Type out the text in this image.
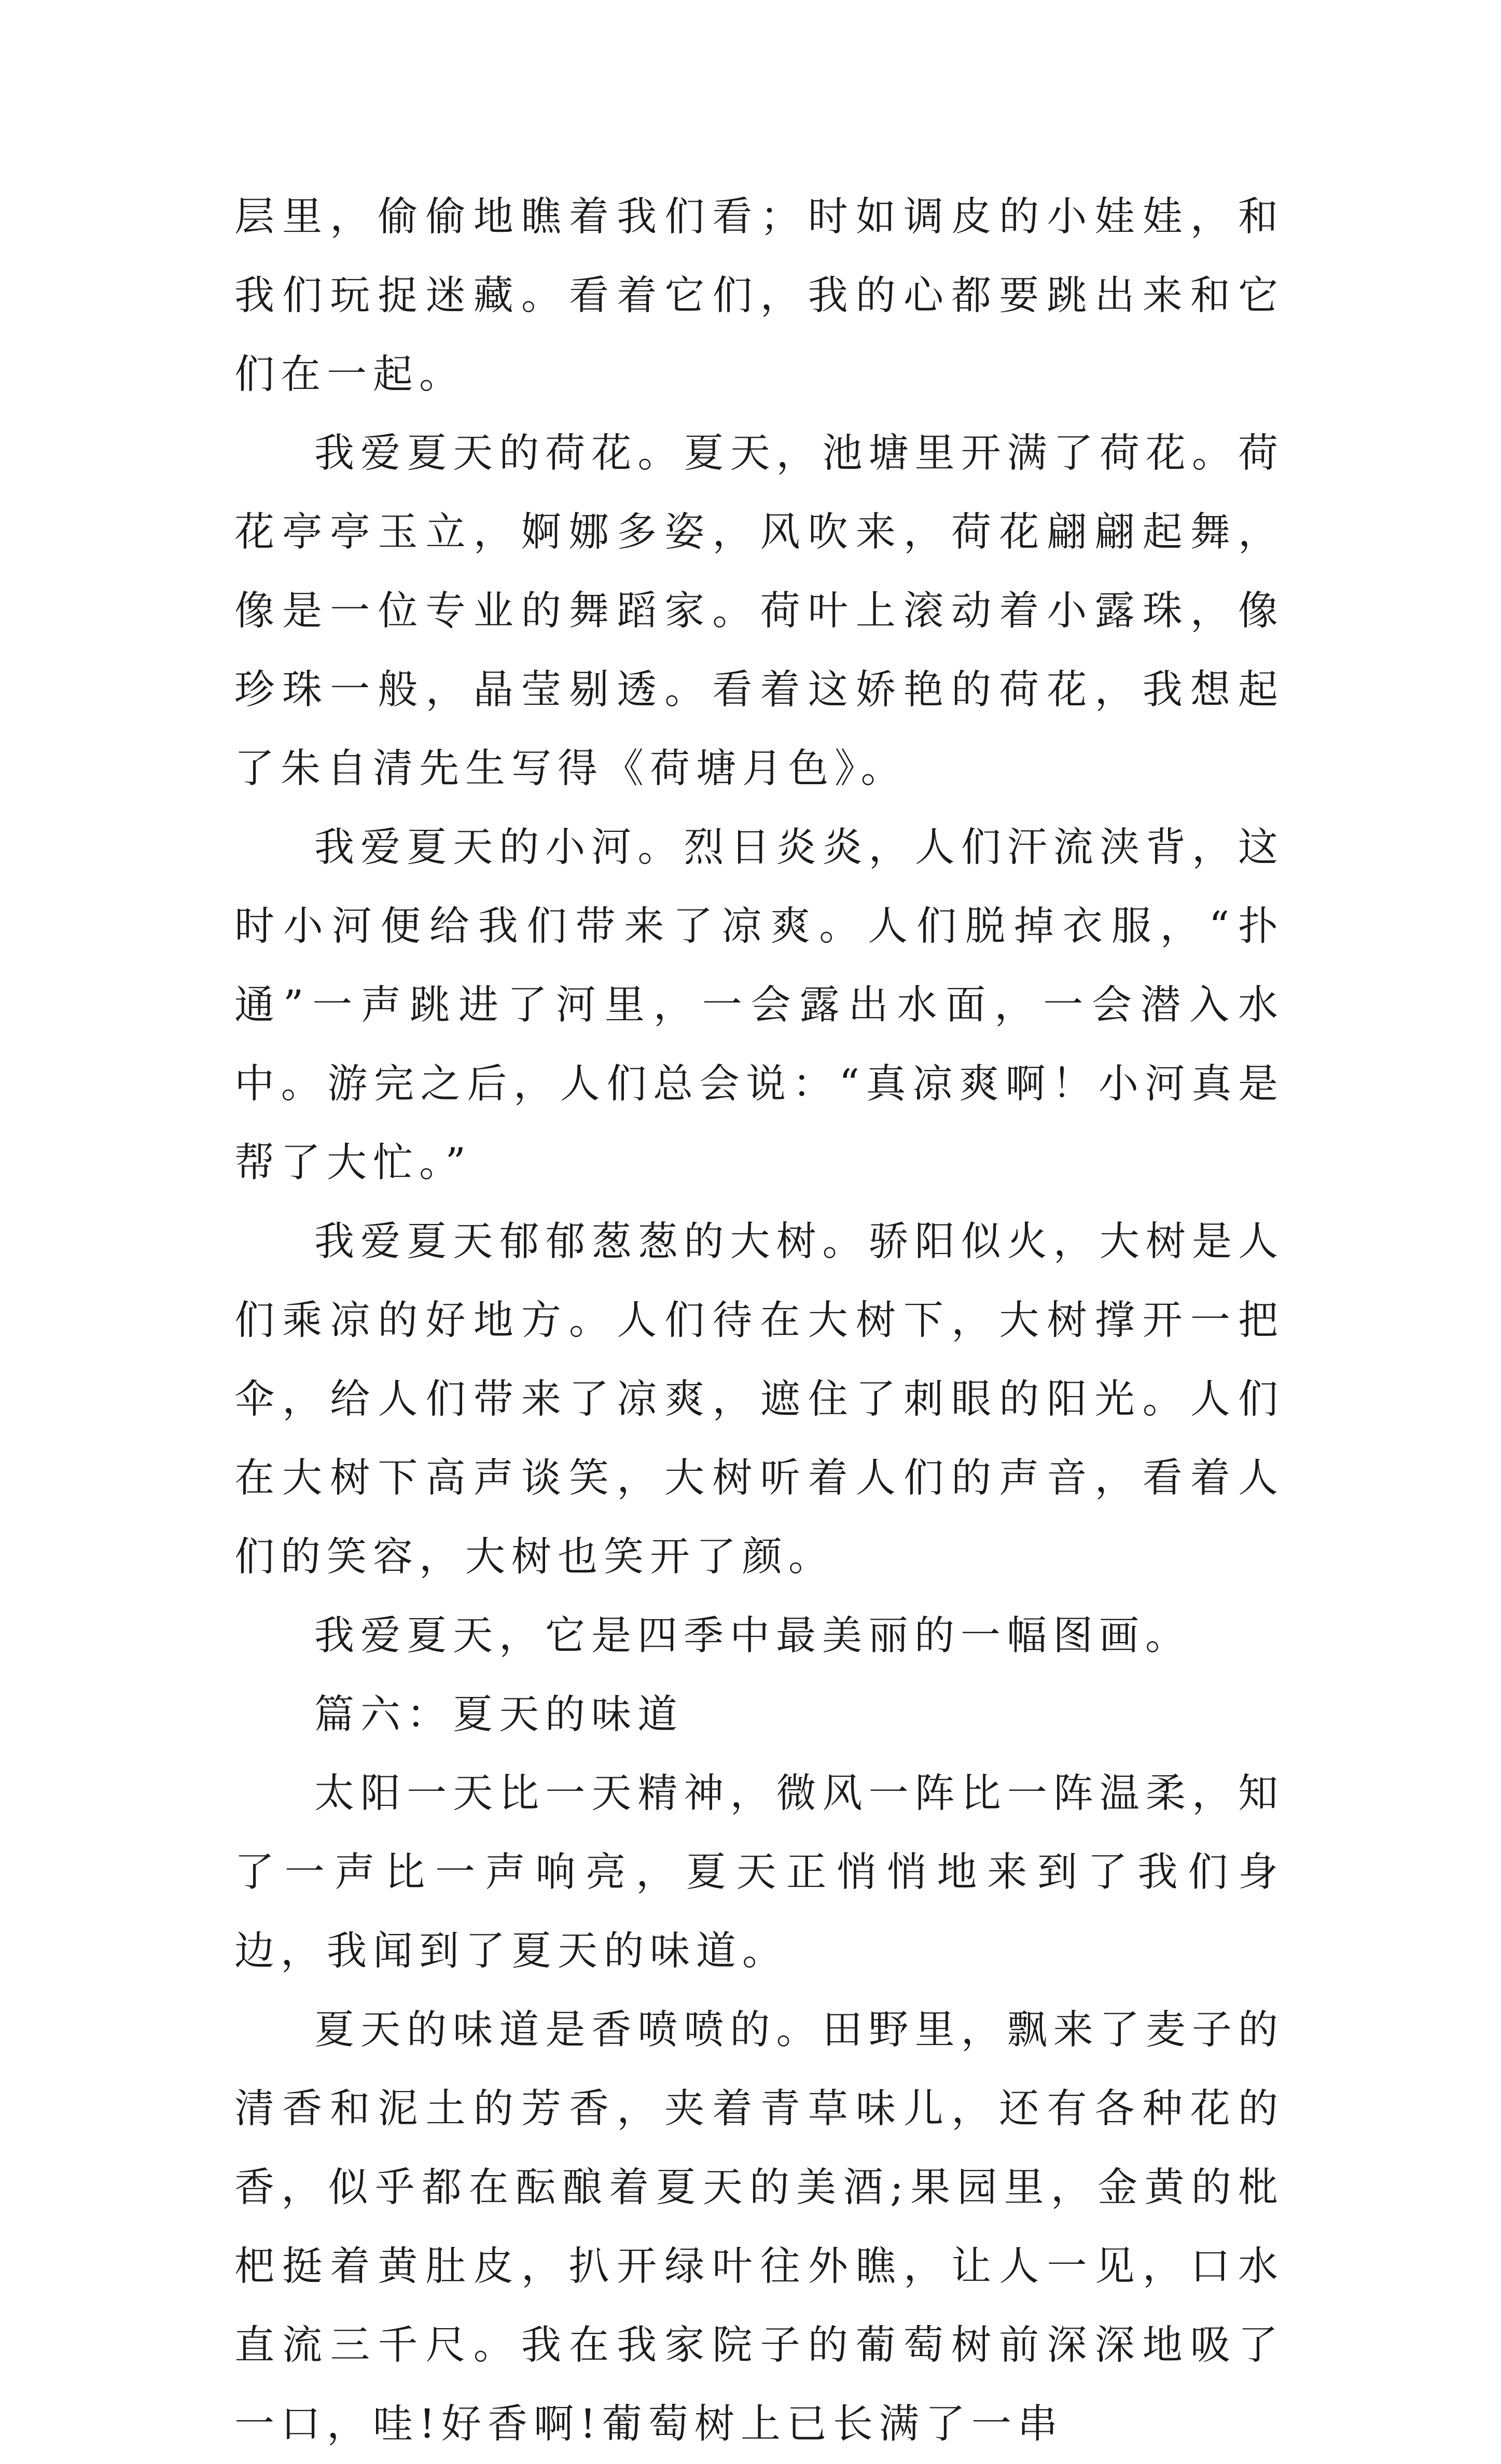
层里，偷偷地瞧着我们看；时如调皮的小娃娃，和我们玩捉迷藏。看着它们，我的心都要跳出来和它们在一起。

我爱夏天的荷花。夏天，池塘里开满了荷花。荷花亭亭玉立，婀娜多姿，风吹来，荷花翩翩起舞，像是一位专业的舞蹈家。荷叶上滚动着小露珠，像珍珠一般，晶莹剔透。看着这娇艳的荷花，我想起了朱自清先生写得《荷塘月色》。

我爱夏天的小河。烈日炎炎，人们汗流浃背，这时小河便给我们带来了凉爽。人们脱掉衣服，“扑通”一声跳进了河里，一会露出水面，一会潜入水中。游完之后，人们总会说：“真凉爽啊！小河真是帮了大忙。”

我爱夏天郁郁葱葱的大树。骄阳似火，大树是人们乘凉的好地方。人们待在大树下，大树撑开一把伞，给人们带来了凉爽，遮住了刺眼的阳光。人们在大树下高声谈笑，大树听着人们的声音，看着人们的笑容，大树也笑开了颜。

我爱夏天，它是四季中最美丽的一幅图画。

篇六：夏天的味道

太阳一天比一天精神，微风一阵比一阵温柔，知了一声比一声响亮，夏天正悄悄地来到了我们身边，我闻到了夏天的味道。

夏天的味道是香喷喷的。田野里，飘来了麦子的清香和泥土的芳香，夹着青草味儿，还有各种花的香，似乎都在酝酿着夏天的美酒;果园里，金黄的枇杷挺着黄肚皮，扒开绿叶往外瞧，让人一见，口水直流三千尺。我在我家院子的葡萄树前深深地吸了一口，哇!好香啊!葡萄树上已长满了一串
